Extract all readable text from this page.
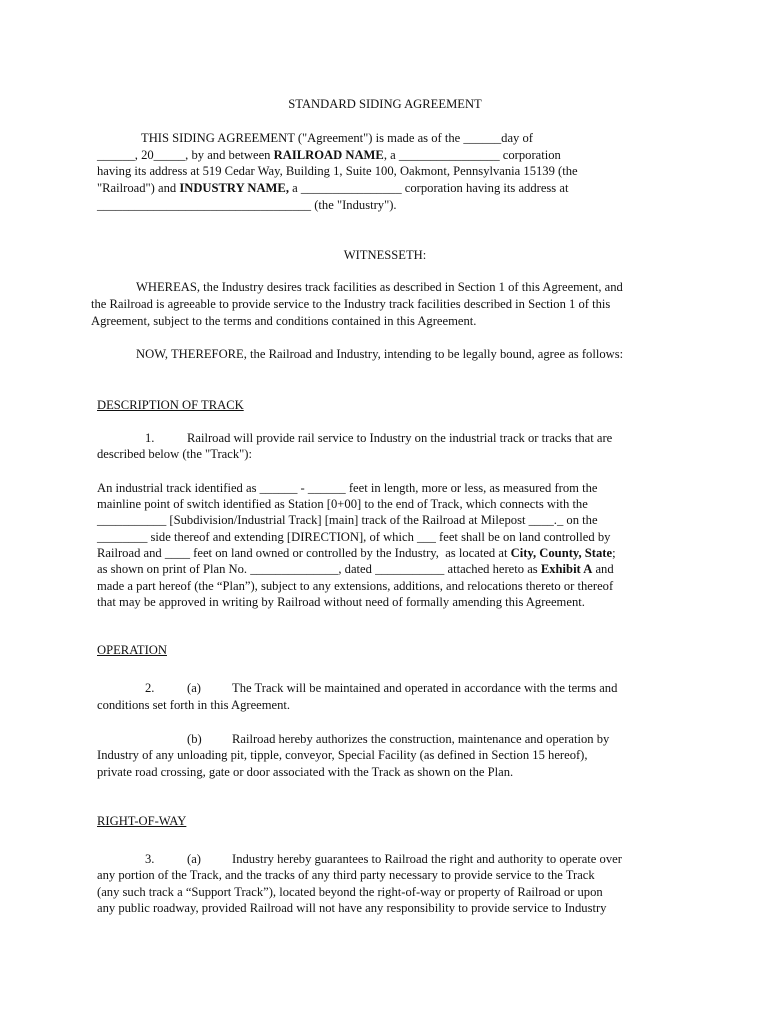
STANDARD SIDING AGREEMENT
THIS SIDING AGREEMENT ("Agreement") is made as of the ______day of
______, 20_____, by and between RAILROAD NAME, a ________________ corporation
having its address at 519 Cedar Way, Building 1, Suite 100, Oakmont, Pennsylvania 15139 (the
"Railroad") and INDUSTRY NAME, a ________________ corporation having its address at
__________________________________ (the "Industry").
WITNESSETH:
WHEREAS, the Industry desires track facilities as described in Section 1 of this Agreement, and
the Railroad is agreeable to provide service to the Industry track facilities described in Section 1 of this
Agreement, subject to the terms and conditions contained in this Agreement.
NOW, THEREFORE, the Railroad and Industry, intending to be legally bound, agree as follows:
DESCRIPTION OF TRACK
1.	Railroad will provide rail service to Industry on the industrial track or tracks that are
described below (the "Track"):
An industrial track identified as ______ - ______ feet in length, more or less, as measured from the
mainline point of switch identified as Station [0+00] to the end of Track, which connects with the
___________ [Subdivision/Industrial Track] [main] track of the Railroad at Milepost ____._ on the
________ side thereof and extending [DIRECTION], of which ___ feet shall be on land controlled by
Railroad and ____ feet on land owned or controlled by the Industry,  as located at City, County, State;
as shown on print of Plan No. ______________, dated ___________ attached hereto as Exhibit A and
made a part hereof (the “Plan”), subject to any extensions, additions, and relocations thereto or thereof
that may be approved in writing by Railroad without need of formally amending this Agreement.
OPERATION
2.	(a) The Track will be maintained and operated in accordance with the terms and
conditions set forth in this Agreement.
(b) Railroad hereby authorizes the construction, maintenance and operation by
Industry of any unloading pit, tipple, conveyor, Special Facility (as defined in Section 15 hereof),
private road crossing, gate or door associated with the Track as shown on the Plan.
RIGHT-OF-WAY
3.	(a) Industry hereby guarantees to Railroad the right and authority to operate over
any portion of the Track, and the tracks of any third party necessary to provide service to the Track
(any such track a “Support Track”), located beyond the right-of-way or property of Railroad or upon
any public roadway, provided Railroad will not have any responsibility to provide service to Industry
